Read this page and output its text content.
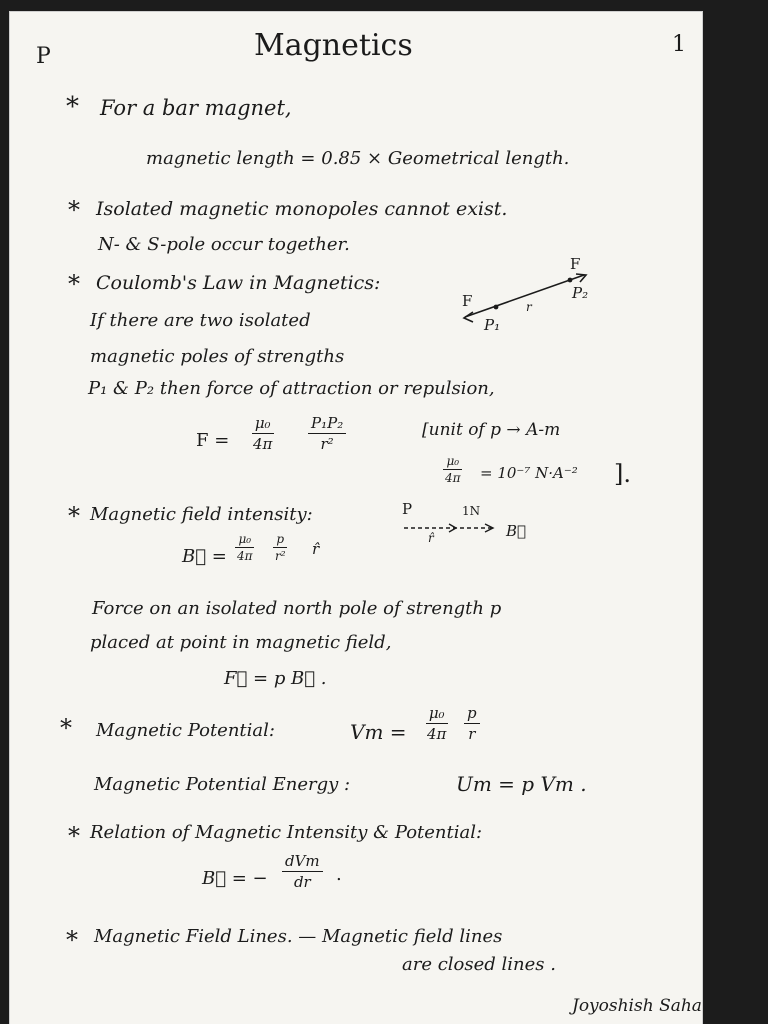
P	Magnetics	1
* For a bar magnet,
magnetic length = 0.85 × Geometrical length.
* Isolated magnetic monopoles cannot exist.
N- & S-pole occur together.
* Coulomb's Law in Magnetics:
If there are two isolated
magnetic poles of strengths
P₁ & P₂ then force of attraction or repulsion,
F
P₂
r
F
P₁
$F = \frac{\text{μ₀}}{4\pi} \frac{\text{P₁P₂}}{\text{r²}}$	[unit of p → A-m
$\frac{\text{μ₀}}{4\pi} = 10^{-7}$ N·A⁻² ].
* Magnetic field intensity:	P	1N
r̂	B⃗
B⃗ = $\frac{\text{μ₀}}{4\pi} \frac{p}{\text{r²}}$ r̂
Force on an isolated north pole of strength p
placed at point in magnetic field,
F⃗ = p B⃗ .
* Magnetic Potential:	$Vm = \frac{\text{μ₀}}{4\pi} \frac{p}{r}$
Magnetic Potential Energy :	Um = p Vm .
* Relation of Magnetic Intensity & Potential:
B⃗ = −
dVm
dr .
* Magnetic Field Lines. — Magnetic field lines
are closed lines .
Joyoshish Saha
